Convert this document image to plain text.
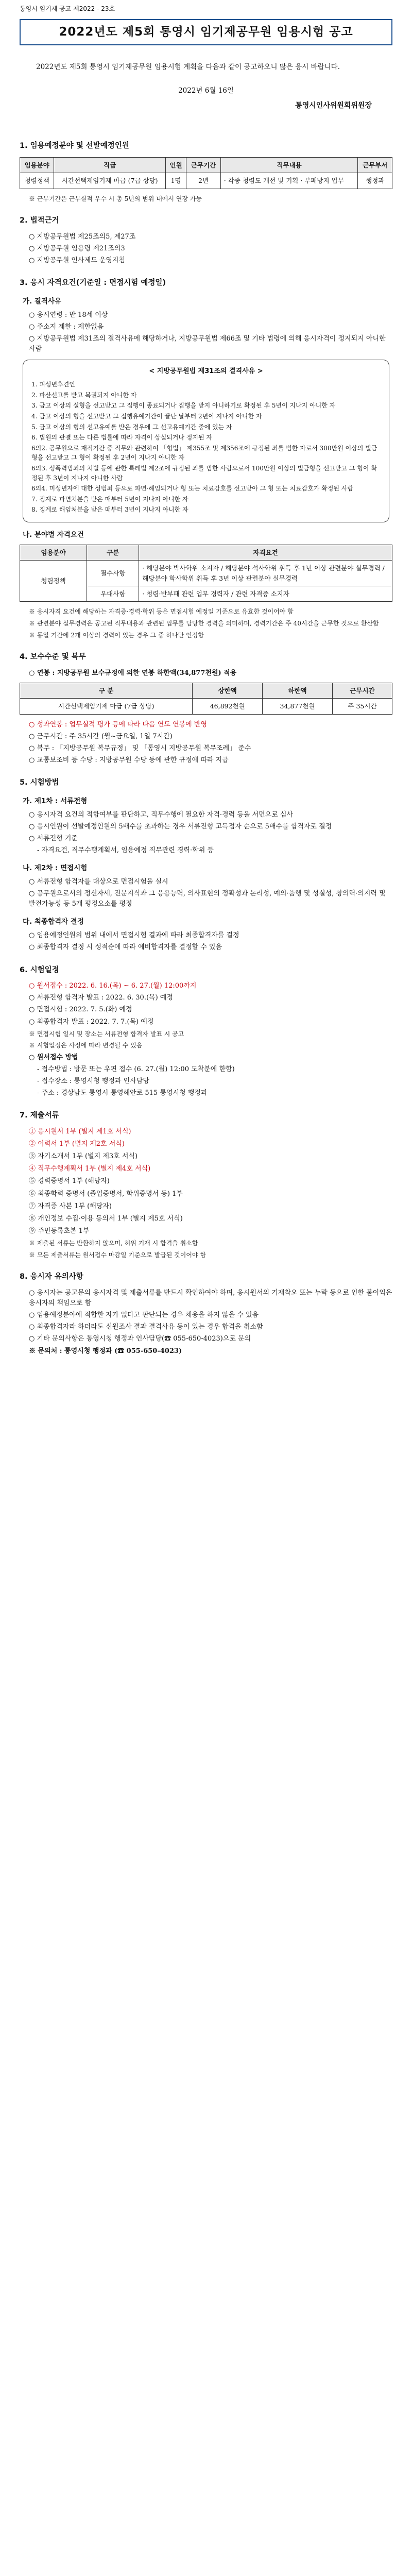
통영시 임기제 공고 제2022 - 23호
2022년도 제5회 통영시 임기제공무원 임용시험 공고

2022년도 제5회 통영시 임기제공무원 임용시험 계획을 다음과 같이 공고하오니 많은 응시 바랍니다.

2022년 6월 16일

통영시인사위원회위원장

1. 임용예정분야 및 선발예정인원
임용분야	직급	인원	근무기간	직무내용	근무부서
청렴정책	시간선택제임기제 마급 (7급 상당)	1명	2년	· 각종 청렴도 개선 및 기획 · 부패방지 업무	행정과

※ 근무기간은 근무실적 우수 시 총 5년의 범위 내에서 연장 가능

2. 법적근거

○ 지방공무원법 제25조의5, 제27조

○ 지방공무원 임용령 제21조의3

○ 지방공무원 인사제도 운영지침

3. 응시 자격요건(기준일 : 면접시험 예정일)
가. 결격사유

○ 응시연령 : 만 18세 이상

○ 주소지 제한 : 제한없음

○ 지방공무원법 제31조의 결격사유에 해당하거나, 지방공무원법 제66조 및 기타 법령에 의해 응시자격이 정지되지 아니한 사람

< 지방공무원법 제31조의 결격사유 >

1. 피성년후견인

2. 파산선고를 받고 복권되지 아니한 자

3. 금고 이상의 실형을 선고받고 그 집행이 종료되거나 집행을 받지 아니하기로 확정된 후 5년이 지나지 아니한 자

4. 금고 이상의 형을 선고받고 그 집행유예기간이 끝난 날부터 2년이 지나지 아니한 자

5. 금고 이상의 형의 선고유예를 받은 경우에 그 선고유예기간 중에 있는 자

6. 법원의 판결 또는 다른 법률에 따라 자격이 상실되거나 정지된 자

6의2. 공무원으로 재직기간 중 직무와 관련하여 「형법」 제355조 및 제356조에 규정된 죄를 범한 자로서 300만원 이상의 벌금형을 선고받고 그 형이 확정된 후 2년이 지나지 아니한 자

6의3. 성폭력범죄의 처벌 등에 관한 특례법 제2조에 규정된 죄를 범한 사람으로서 100만원 이상의 벌금형을 선고받고 그 형이 확정된 후 3년이 지나지 아니한 사람

6의4. 미성년자에 대한 성범죄 등으로 파면·해임되거나 형 또는 치료감호를 선고받아 그 형 또는 치료감호가 확정된 사람

7. 징계로 파면처분을 받은 때부터 5년이 지나지 아니한 자

8. 징계로 해임처분을 받은 때부터 3년이 지나지 아니한 자

나. 분야별 자격요건
임용분야	구분	자격요건
청렴정책	필수사항	· 해당분야 박사학위 소지자 / 해당분야 석사학위 취득 후 1년 이상 관련분야 실무경력 / 해당분야 학사학위 취득 후 3년 이상 관련분야 실무경력
	우대사항	· 청렴·반부패 관련 업무 경력자 / 관련 자격증 소지자

※ 응시자격 요건에 해당하는 자격증·경력·학위 등은 면접시험 예정일 기준으로 유효한 것이어야 함

※ 관련분야 실무경력은 공고된 직무내용과 관련된 업무를 담당한 경력을 의미하며, 경력기간은 주 40시간을 근무한 것으로 환산함

※ 동일 기간에 2개 이상의 경력이 있는 경우 그 중 하나만 인정함

4. 보수수준 및 복무

○ 연봉 : 지방공무원 보수규정에 의한 연봉 하한액(34,877천원) 적용

구 분	상한액	하한액	근무시간
시간선택제임기제 마급 (7급 상당)	46,892천원	34,877천원	주 35시간

○ 성과연봉 : 업무실적 평가 등에 따라 다음 연도 연봉에 반영

○ 근무시간 : 주 35시간 (월~금요일, 1일 7시간)

○ 복무 : 「지방공무원 복무규정」 및 「통영시 지방공무원 복무조례」 준수

○ 교통보조비 등 수당 : 지방공무원 수당 등에 관한 규정에 따라 지급

5. 시험방법
가. 제1차 : 서류전형

○ 응시자격 요건의 적합여부를 판단하고, 직무수행에 필요한 자격·경력 등을 서면으로 심사

○ 응시인원이 선발예정인원의 5배수를 초과하는 경우 서류전형 고득점자 순으로 5배수를 합격자로 결정

○ 서류전형 기준

- 자격요건, 직무수행계획서, 임용예정 직무관련 경력·학위 등

나. 제2차 : 면접시험

○ 서류전형 합격자를 대상으로 면접시험을 실시

○ 공무원으로서의 정신자세, 전문지식과 그 응용능력, 의사표현의 정확성과 논리성, 예의·품행 및 성실성, 창의력·의지력 및 발전가능성 등 5개 평정요소를 평정

다. 최종합격자 결정

○ 임용예정인원의 범위 내에서 면접시험 결과에 따라 최종합격자를 결정

○ 최종합격자 결정 시 성적순에 따라 예비합격자를 결정할 수 있음

6. 시험일정

○ 원서접수 : 2022. 6. 16.(목) ~ 6. 27.(월) 12:00까지

○ 서류전형 합격자 발표 : 2022. 6. 30.(목) 예정

○ 면접시험 : 2022. 7. 5.(화) 예정

○ 최종합격자 발표 : 2022. 7. 7.(목) 예정

※ 면접시험 일시 및 장소는 서류전형 합격자 발표 시 공고

※ 시험일정은 사정에 따라 변경될 수 있음

○ 원서접수 방법

- 접수방법 : 방문 또는 우편 접수 (6. 27.(월) 12:00 도착분에 한함)

- 접수장소 : 통영시청 행정과 인사담당

- 주소 : 경상남도 통영시 통영해안로 515 통영시청 행정과

7. 제출서류

① 응시원서 1부 (별지 제1호 서식)

② 이력서 1부 (별지 제2호 서식)

③ 자기소개서 1부 (별지 제3호 서식)

④ 직무수행계획서 1부 (별지 제4호 서식)

⑤ 경력증명서 1부 (해당자)

⑥ 최종학력 증명서 (졸업증명서, 학위증명서 등) 1부

⑦ 자격증 사본 1부 (해당자)

⑧ 개인정보 수집·이용 동의서 1부 (별지 제5호 서식)

⑨ 주민등록초본 1부

※ 제출된 서류는 반환하지 않으며, 허위 기재 시 합격을 취소함

※ 모든 제출서류는 원서접수 마감일 기준으로 발급된 것이어야 함

8. 응시자 유의사항

○ 응시자는 공고문의 응시자격 및 제출서류를 반드시 확인하여야 하며, 응시원서의 기재착오 또는 누락 등으로 인한 불이익은 응시자의 책임으로 함

○ 임용예정분야에 적합한 자가 없다고 판단되는 경우 채용을 하지 않을 수 있음

○ 최종합격자라 하더라도 신원조사 결과 결격사유 등이 있는 경우 합격을 취소함

○ 기타 문의사항은 통영시청 행정과 인사담당(☎ 055-650-4023)으로 문의

※ 문의처 : 통영시청 행정과 (☎ 055-650-4023)
